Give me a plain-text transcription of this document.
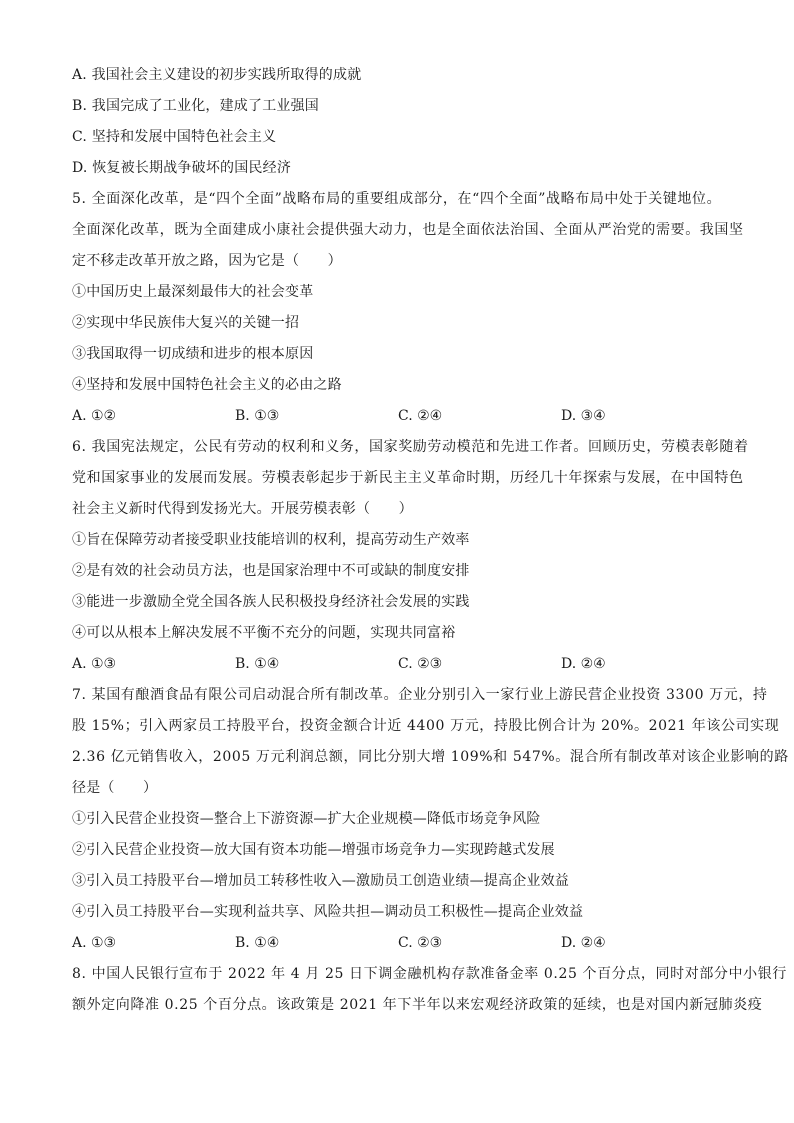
A. 我国社会主义建设的初步实践所取得的成就
B. 我国完成了工业化，建成了工业强国
C. 坚持和发展中国特色社会主义
D. 恢复被长期战争破坏的国民经济
5. 全面深化改革，是“四个全面”战略布局的重要组成部分，在“四个全面”战略布局中处于关键地位。
全面深化改革，既为全面建成小康社会提供强大动力，也是全面依法治国、全面从严治党的需要。我国坚
定不移走改革开放之路，因为它是（　　）
①中国历史上最深刻最伟大的社会变革
②实现中华民族伟大复兴的关键一招
③我国取得一切成绩和进步的根本原因
④坚持和发展中国特色社会主义的必由之路
A. ①②	B. ①③	C. ②④	D. ③④
6. 我国宪法规定，公民有劳动的权利和义务，国家奖励劳动模范和先进工作者。回顾历史，劳模表彰随着
党和国家事业的发展而发展。劳模表彰起步于新民主主义革命时期，历经几十年探索与发展，在中国特色
社会主义新时代得到发扬光大。开展劳模表彰（　　）
①旨在保障劳动者接受职业技能培训的权利，提高劳动生产效率
②是有效的社会动员方法，也是国家治理中不可或缺的制度安排
③能进一步激励全党全国各族人民积极投身经济社会发展的实践
④可以从根本上解决发展不平衡不充分的问题，实现共同富裕
A. ①③	B. ①④	C. ②③	D. ②④
7. 某国有酿酒食品有限公司启动混合所有制改革。企业分别引入一家行业上游民营企业投资 3300 万元，持
股 15%；引入两家员工持股平台，投资金额合计近 4400 万元，持股比例合计为 20%。2021 年该公司实现
2.36 亿元销售收入，2005 万元利润总额，同比分别大增 109%和 547%。混合所有制改革对该企业影响的路
径是（　　）
①引入民营企业投资—整合上下游资源—扩大企业规模—降低市场竞争风险
②引入民营企业投资—放大国有资本功能—增强市场竞争力—实现跨越式发展
③引入员工持股平台—增加员工转移性收入—激励员工创造业绩—提高企业效益
④引入员工持股平台—实现利益共享、风险共担—调动员工积极性—提高企业效益
A. ①③	B. ①④	C. ②③	D. ②④
8. 中国人民银行宣布于 2022 年 4 月 25 日下调金融机构存款准备金率 0.25 个百分点，同时对部分中小银行
额外定向降准 0.25 个百分点。该政策是 2021 年下半年以来宏观经济政策的延续，也是对国内新冠肺炎疫
